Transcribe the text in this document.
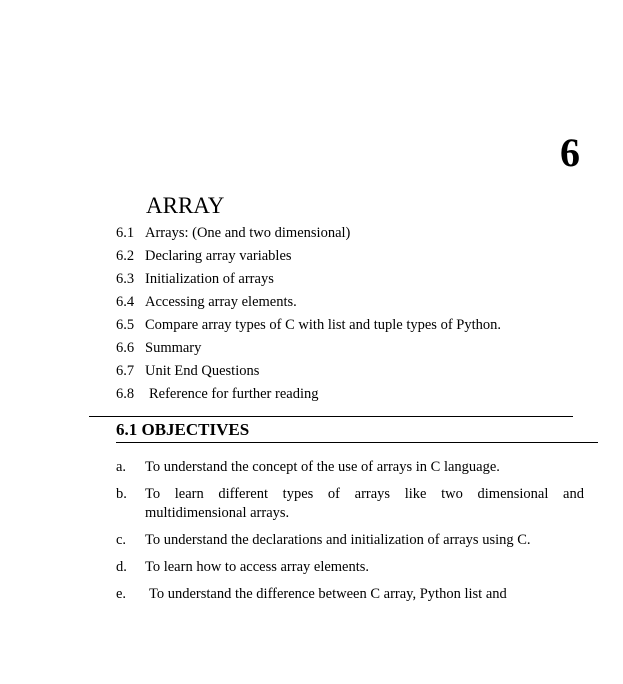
6
ARRAY
6.1 Arrays: (One and two dimensional)
6.2 Declaring array variables
6.3 Initialization of arrays
6.4 Accessing array elements.
6.5 Compare array types of C with list and tuple types of Python.
6.6 Summary
6.7 Unit End Questions
6.8 Reference for further reading
6.1 OBJECTIVES
a. To understand the concept of the use of arrays in C language.
b. To learn different types of arrays like two dimensional and multidimensional arrays.
c. To understand the declarations and initialization of arrays using C.
d. To learn how to access array elements.
e. To understand the difference between C array, Python list and
